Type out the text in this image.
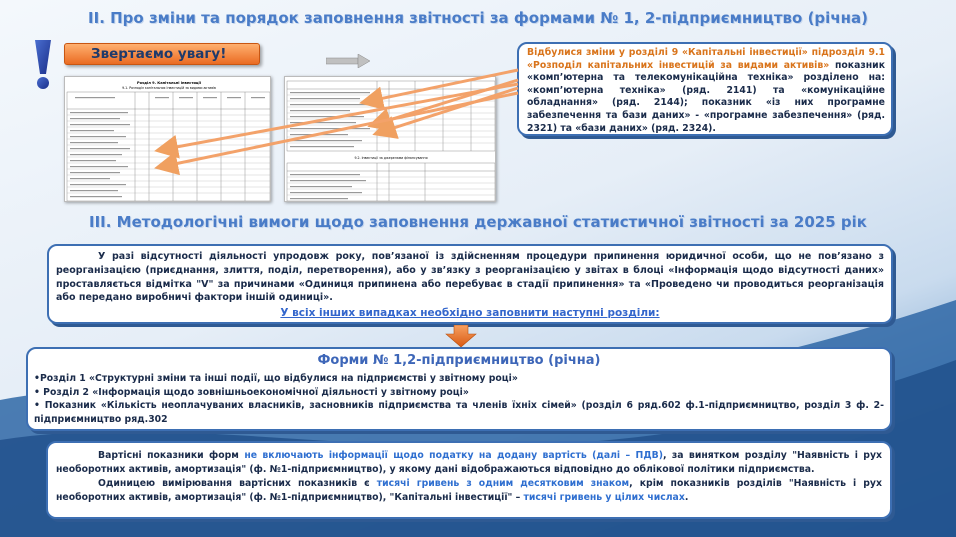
ІІ. Про зміни та порядок заповнення звітності за формами № 1, 2-підприємництво (річна)
Звертаємо увагу!
Розділ 9. Капітальні інвестиції
9.1. Розподіл капітальних інвестицій за видами активів
9.2. Інвестиції за джерелами фінансування
Відбулися зміни у розділі 9 «Капітальні інвестиції» підрозділ 9.1 «Розподіл капітальних інвестицій за видами активів» показник «комп’ютерна та телекомунікаційна техніка» розділено на: «комп’ютерна техніка» (ряд. 2141) та «комунікаційне обладнання» (ряд. 2144); показник «із них програмне забезпечення та бази даних» - «програмне забезпечення» (ряд. 2321) та «бази даних» (ряд. 2324).
ІІІ. Методологічні вимоги щодо заповнення державної статистичної звітності за 2025 рік
У разі відсутності діяльності упродовж року, пов’язаної із здійсненням процедури припинення юридичної особи, що не пов’язано з реорганізацією (приєднання, злиття, поділ, перетворення), або у зв’язку з реорганізацією у звітах в блоці «Інформація щодо відсутності даних» проставляється відмітка "V" за причинами «Одиниця припинена або перебуває в стадії припинення» та «Проведено чи проводиться реорганізація або передано виробничі фактори іншій одиниці».
У всіх інших випадках необхідно заповнити наступні розділи:
Форми № 1,2-підприємництво (річна)
•Розділ 1 «Структурні зміни та інші події, що відбулися на підприємстві у звітному році»
• Розділ 2 «Інформація щодо зовнішньоекономічної діяльності у звітному році»
• Показник «Кількість неоплачуваних власників, засновників підприємства та членів їхніх сімей» (розділ 6 ряд.602 ф.1-підприємництво, розділ 3 ф. 2-підприємництво ряд.302
Вартісні показники форм не включають інформації щодо податку на додану вартість (далі – ПДВ), за винятком розділу "Наявність і рух необоротних активів, амортизація" (ф. №1-підприємництво), у якому дані відображаються відповідно до облікової політики підприємства.
Одиницею вимірювання вартісних показників є тисячі гривень з одним десятковим знаком, крім показників розділів "Наявність і рух необоротних активів, амортизація" (ф. №1-підприємництво), "Капітальні інвестиції" – тисячі гривень у цілих числах.
